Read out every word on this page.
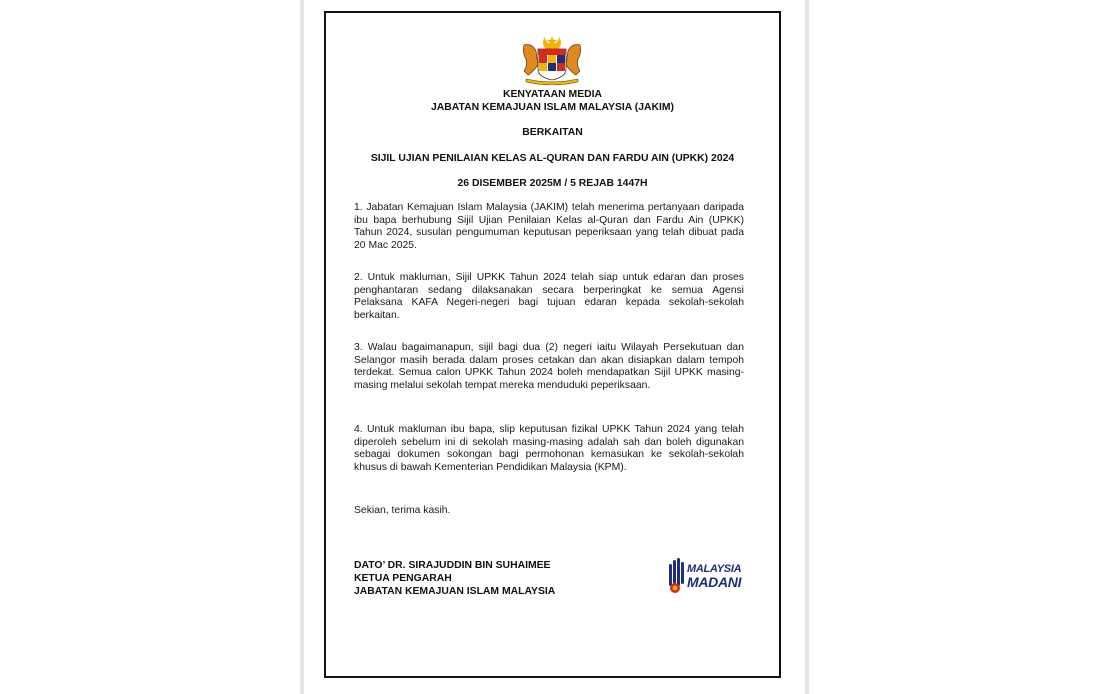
KENYATAAN MEDIA
JABATAN KEMAJUAN ISLAM MALAYSIA (JAKIM)
BERKAITAN
SIJIL UJIAN PENILAIAN KELAS AL-QURAN DAN FARDU AIN (UPKK) 2024
26 DISEMBER 2025M / 5 REJAB 1447H
1. Jabatan Kemajuan Islam Malaysia (JAKIM) telah menerima pertanyaan daripada ibu bapa berhubung Sijil Ujian Penilaian Kelas al-Quran dan Fardu Ain (UPKK) Tahun 2024, susulan pengumuman keputusan peperiksaan yang telah dibuat pada 20 Mac 2025.
2. Untuk makluman, Sijil UPKK Tahun 2024 telah siap untuk edaran dan proses penghantaran sedang dilaksanakan secara berperingkat ke semua Agensi Pelaksana KAFA Negeri-negeri bagi tujuan edaran kepada sekolah-sekolah berkaitan.
3. Walau bagaimanapun, sijil bagi dua (2) negeri iaitu Wilayah Persekutuan dan Selangor masih berada dalam proses cetakan dan akan disiapkan dalam tempoh terdekat. Semua calon UPKK Tahun 2024 boleh mendapatkan Sijil UPKK masing-masing melalui sekolah tempat mereka menduduki peperiksaan.
4. Untuk makluman ibu bapa, slip keputusan fizikal UPKK Tahun 2024 yang telah diperoleh sebelum ini di sekolah masing-masing adalah sah dan boleh digunakan sebagai dokumen sokongan bagi permohonan kemasukan ke sekolah-sekolah khusus di bawah Kementerian Pendidikan Malaysia (KPM).
Sekian, terima kasih.
DATO’ DR. SIRAJUDDIN BIN SUHAIMEE
KETUA PENGARAH
JABATAN KEMAJUAN ISLAM MALAYSIA
MALAYSIA
MADANI
